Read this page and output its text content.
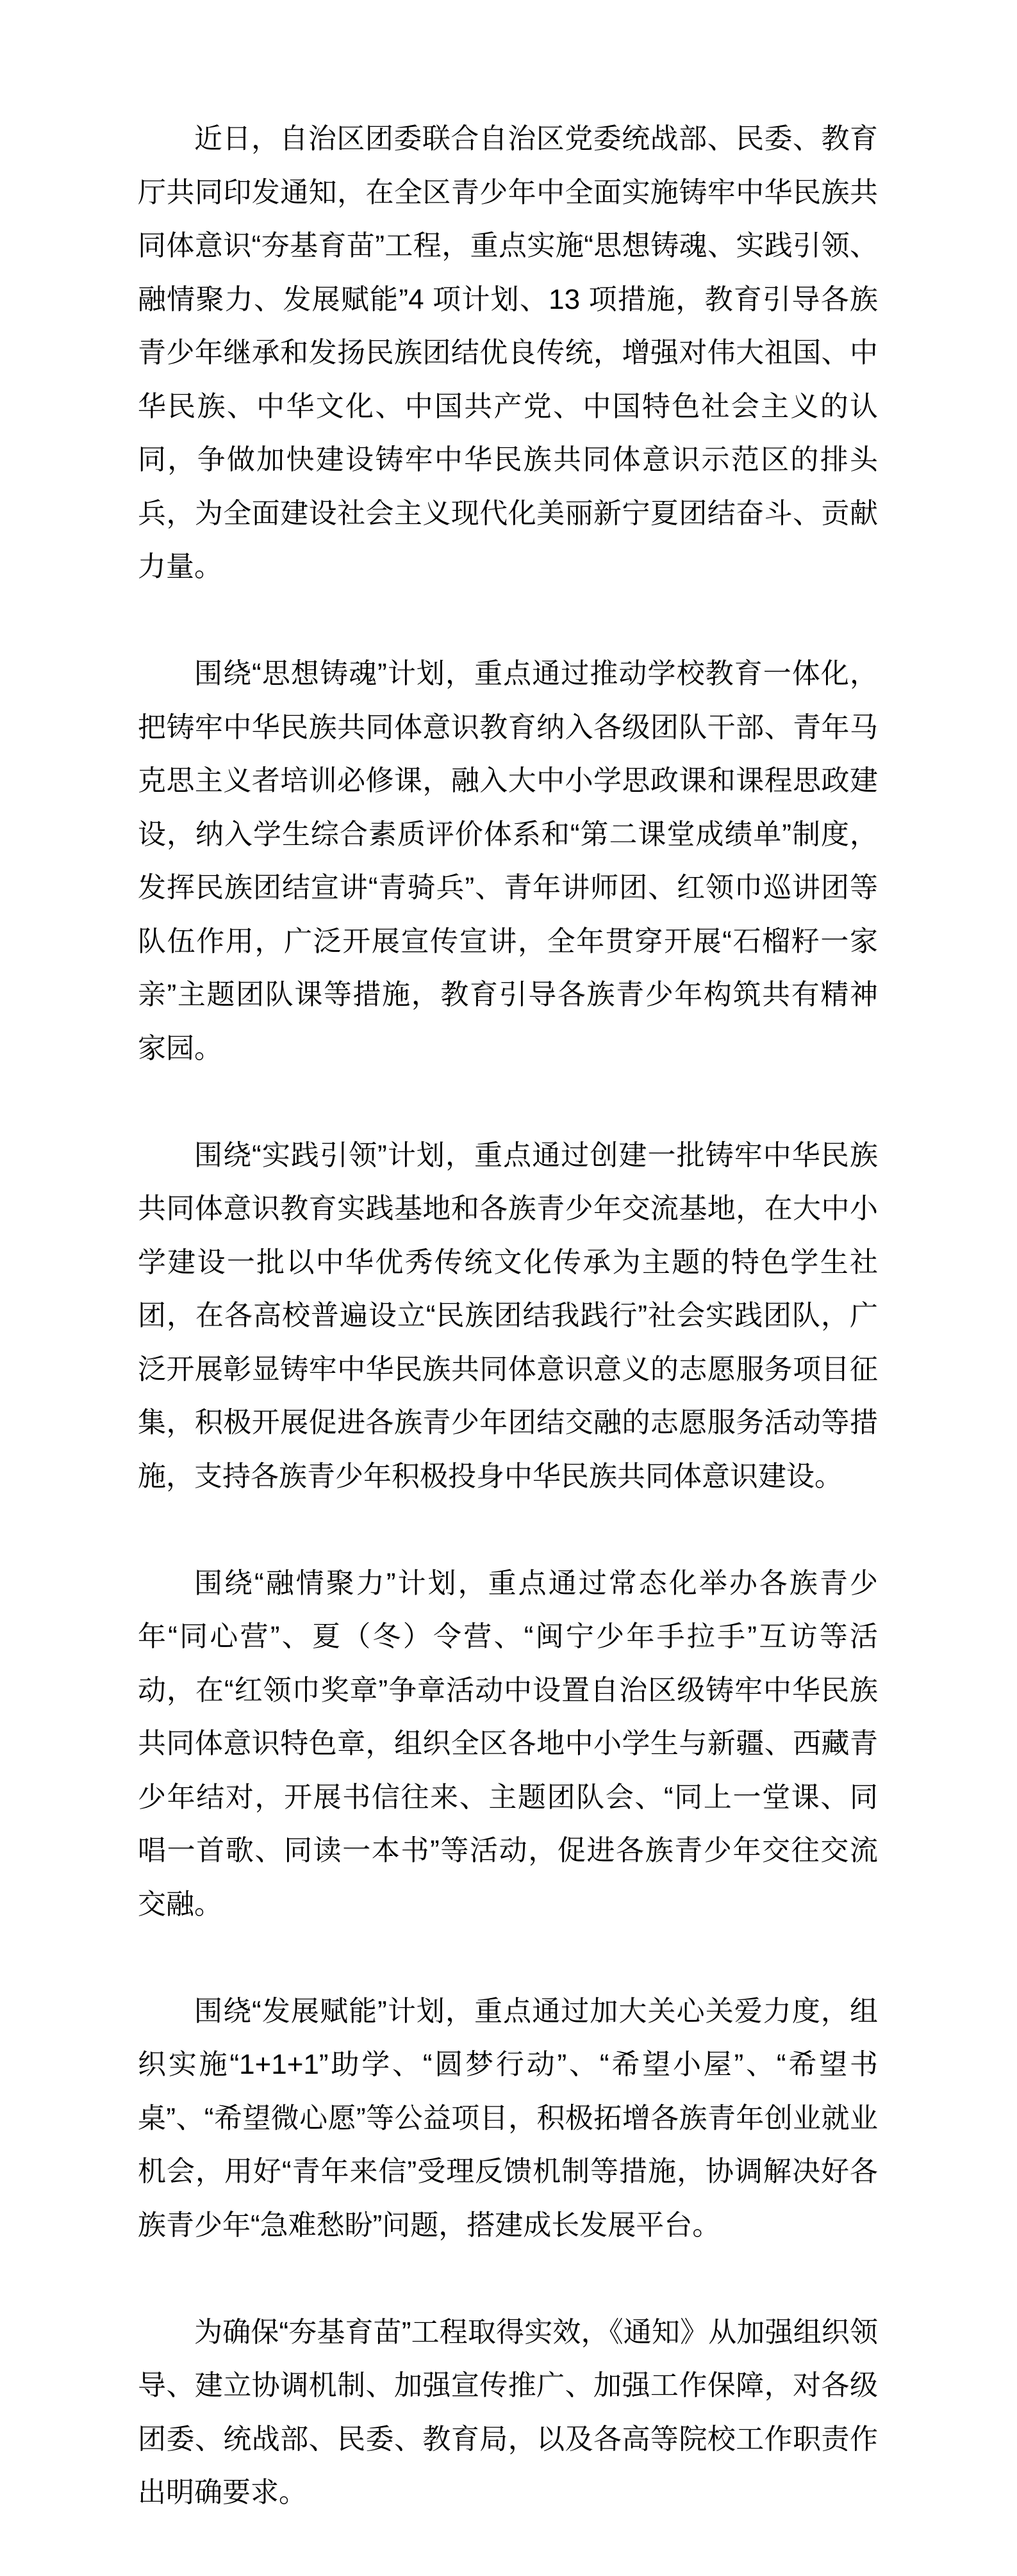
近日，自治区团委联合自治区党委统战部、民委、教育厅共同印发通知，在全区青少年中全面实施铸牢中华民族共同体意识“夯基育苗”工程，重点实施“思想铸魂、实践引领、融情聚力、发展赋能”4 项计划、13 项措施，教育引导各族青少年继承和发扬民族团结优良传统，增强对伟大祖国、中华民族、中华文化、中国共产党、中国特色社会主义的认同，争做加快建设铸牢中华民族共同体意识示范区的排头兵，为全面建设社会主义现代化美丽新宁夏团结奋斗、贡献力量。

围绕“思想铸魂”计划，重点通过推动学校教育一体化，把铸牢中华民族共同体意识教育纳入各级团队干部、青年马克思主义者培训必修课，融入大中小学思政课和课程思政建设，纳入学生综合素质评价体系和“第二课堂成绩单”制度，发挥民族团结宣讲“青骑兵”、青年讲师团、红领巾巡讲团等队伍作用，广泛开展宣传宣讲，全年贯穿开展“石榴籽一家亲”主题团队课等措施，教育引导各族青少年构筑共有精神家园。

围绕“实践引领”计划，重点通过创建一批铸牢中华民族共同体意识教育实践基地和各族青少年交流基地，在大中小学建设一批以中华优秀传统文化传承为主题的特色学生社团，在各高校普遍设立“民族团结我践行”社会实践团队，广泛开展彰显铸牢中华民族共同体意识意义的志愿服务项目征集，积极开展促进各族青少年团结交融的志愿服务活动等措施，支持各族青少年积极投身中华民族共同体意识建设。

围绕“融情聚力”计划，重点通过常态化举办各族青少年“同心营”、夏（冬）令营、“闽宁少年手拉手”互访等活动，在“红领巾奖章”争章活动中设置自治区级铸牢中华民族共同体意识特色章，组织全区各地中小学生与新疆、西藏青少年结对，开展书信往来、主题团队会、“同上一堂课、同唱一首歌、同读一本书”等活动，促进各族青少年交往交流交融。

围绕“发展赋能”计划，重点通过加大关心关爱力度，组织实施“1+1+1”助学、“圆梦行动”、“希望小屋”、“希望书桌”、“希望微心愿”等公益项目，积极拓增各族青年创业就业机会，用好“青年来信”受理反馈机制等措施，协调解决好各族青少年“急难愁盼”问题，搭建成长发展平台。

为确保“夯基育苗”工程取得实效，《通知》从加强组织领导、建立协调机制、加强宣传推广、加强工作保障，对各级团委、统战部、民委、教育局，以及各高等院校工作职责作出明确要求。
